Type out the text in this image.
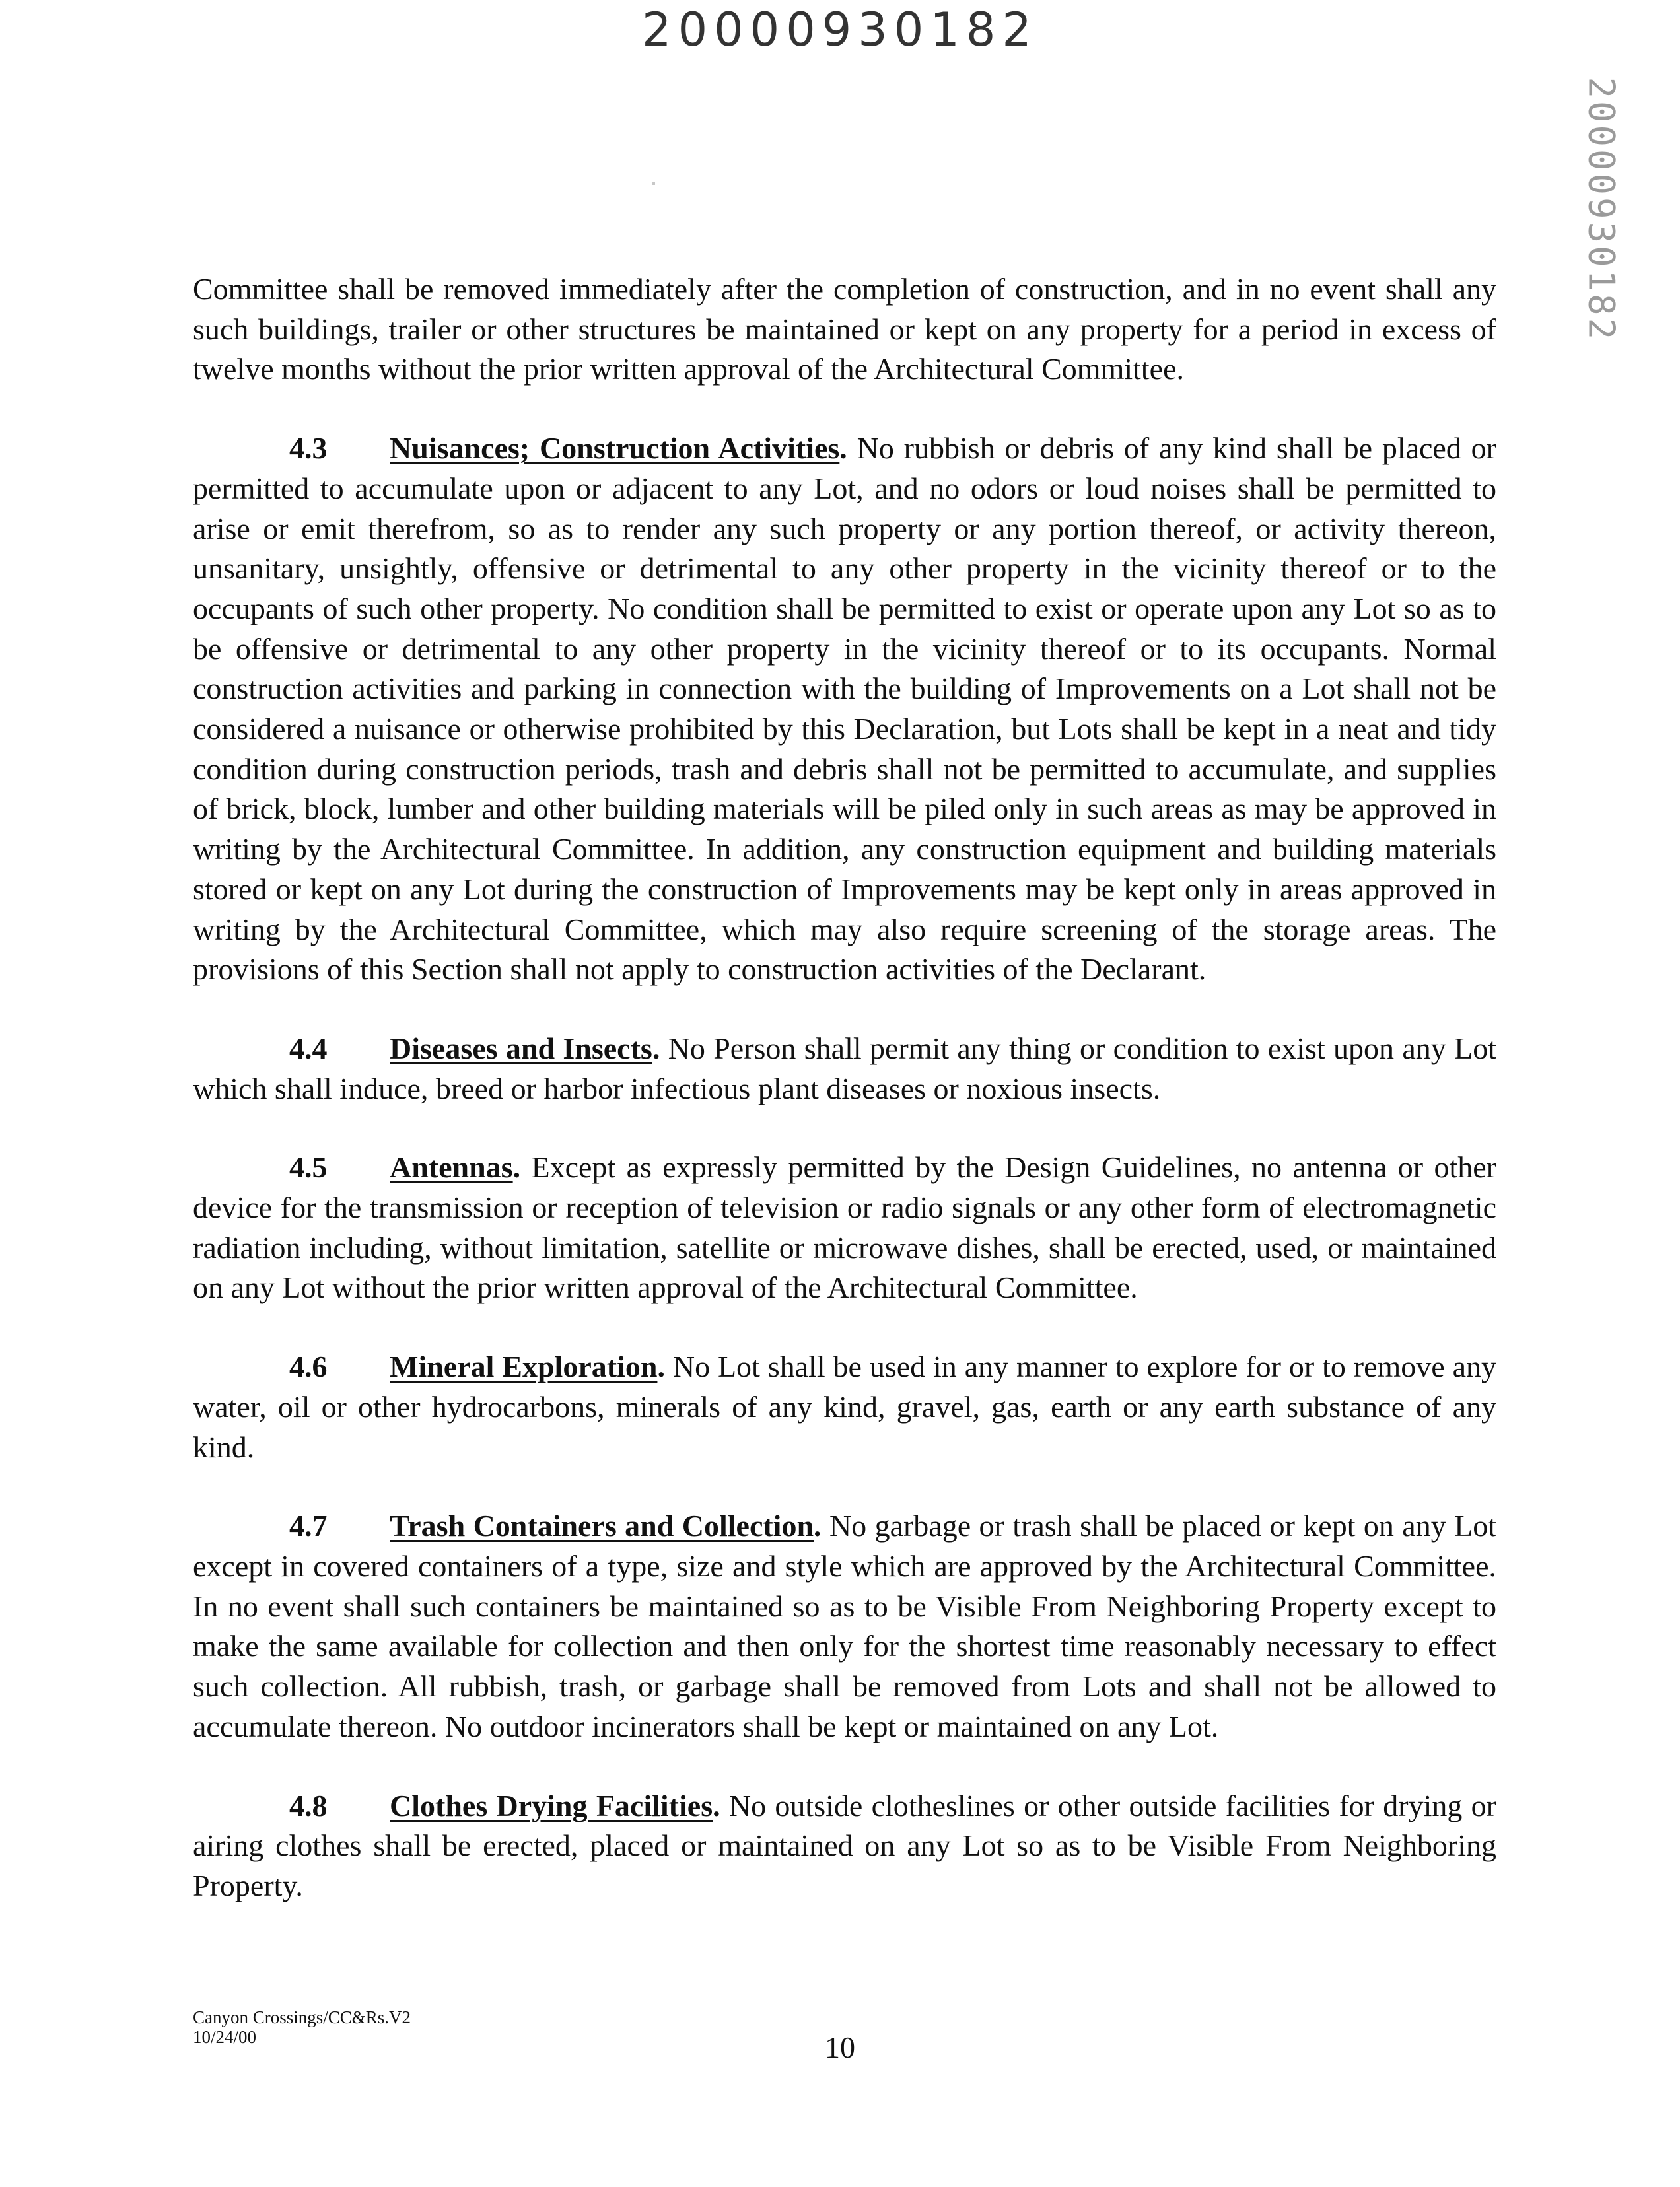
20000930182
20000930182

Committee shall be removed immediately after the completion of construction, and in no event shall any such buildings, trailer or other structures be maintained or kept on any property for a period in excess of twelve months without the prior written approval of the Architectural Committee.

4.3 Nuisances; Construction Activities. No rubbish or debris of any kind shall be placed or permitted to accumulate upon or adjacent to any Lot, and no odors or loud noises shall be permitted to arise or emit therefrom, so as to render any such property or any portion thereof, or activity thereon, unsanitary, unsightly, offensive or detrimental to any other property in the vicinity thereof or to the occupants of such other property. No condition shall be permitted to exist or operate upon any Lot so as to be offensive or detrimental to any other property in the vicinity thereof or to its occupants. Normal construction activities and parking in connection with the building of Improvements on a Lot shall not be considered a nuisance or otherwise prohibited by this Declaration, but Lots shall be kept in a neat and tidy condition during construction periods, trash and debris shall not be permitted to accumulate, and supplies of brick, block, lumber and other building materials will be piled only in such areas as may be approved in writing by the Architectural Committee. In addition, any construction equipment and building materials stored or kept on any Lot during the construction of Improvements may be kept only in areas approved in writing by the Architectural Committee, which may also require screening of the storage areas. The provisions of this Section shall not apply to construction activities of the Declarant.

4.4 Diseases and Insects. No Person shall permit any thing or condition to exist upon any Lot which shall induce, breed or harbor infectious plant diseases or noxious insects.

4.5 Antennas. Except as expressly permitted by the Design Guidelines, no antenna or other device for the transmission or reception of television or radio signals or any other form of electromagnetic radiation including, without limitation, satellite or microwave dishes, shall be erected, used, or maintained on any Lot without the prior written approval of the Architectural Committee.

4.6 Mineral Exploration. No Lot shall be used in any manner to explore for or to remove any water, oil or other hydrocarbons, minerals of any kind, gravel, gas, earth or any earth substance of any kind.

4.7 Trash Containers and Collection. No garbage or trash shall be placed or kept on any Lot except in covered containers of a type, size and style which are approved by the Architectural Committee. In no event shall such containers be maintained so as to be Visible From Neighboring Property except to make the same available for collection and then only for the shortest time reasonably necessary to effect such collection. All rubbish, trash, or garbage shall be removed from Lots and shall not be allowed to accumulate thereon. No outdoor incinerators shall be kept or maintained on any Lot.

4.8 Clothes Drying Facilities. No outside clotheslines or other outside facilities for drying or airing clothes shall be erected, placed or maintained on any Lot so as to be Visible From Neighboring Property.

Canyon Crossings/CC&Rs.V2
10/24/00	10
